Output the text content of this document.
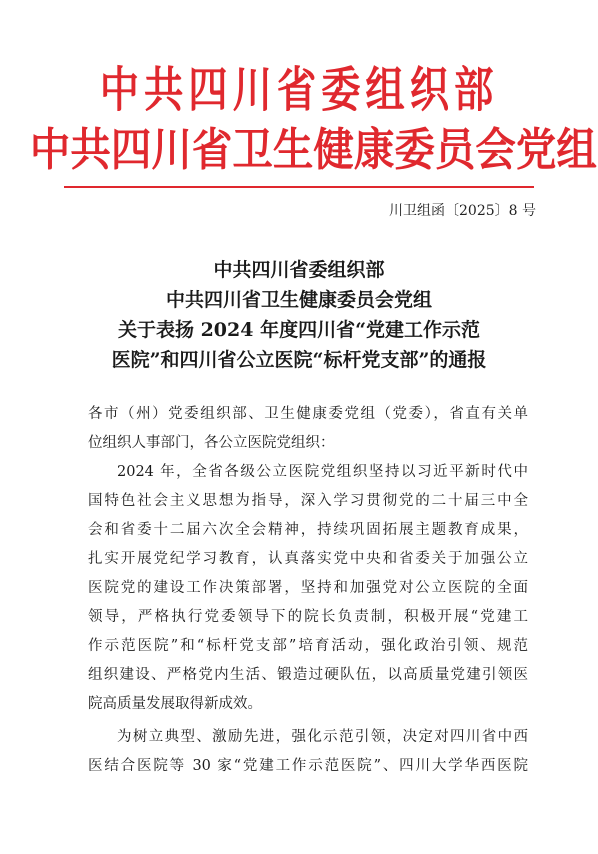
中共四川省委组织部
中共四川省卫生健康委员会党组
川卫组函〔2025〕8 号
中共四川省委组织部
中共四川省卫生健康委员会党组
关于表扬 2024 年度四川省“党建工作示范
医院”和四川省公立医院“标杆党支部”的通报
各市（州）党委组织部、卫生健康委党组（党委），省直有关单
位组织人事部门，各公立医院党组织：
2024 年，全省各级公立医院党组织坚持以习近平新时代中
国特色社会主义思想为指导，深入学习贯彻党的二十届三中全
会和省委十二届六次全会精神，持续巩固拓展主题教育成果，
扎实开展党纪学习教育，认真落实党中央和省委关于加强公立
医院党的建设工作决策部署，坚持和加强党对公立医院的全面
领导，严格执行党委领导下的院长负责制，积极开展“党建工
作示范医院”和“标杆党支部”培育活动，强化政治引领、规范
组织建设、严格党内生活、锻造过硬队伍，以高质量党建引领医
院高质量发展取得新成效。
为树立典型、激励先进，强化示范引领，决定对四川省中西
医结合医院等 30 家“党建工作示范医院”、四川大学华西医院
